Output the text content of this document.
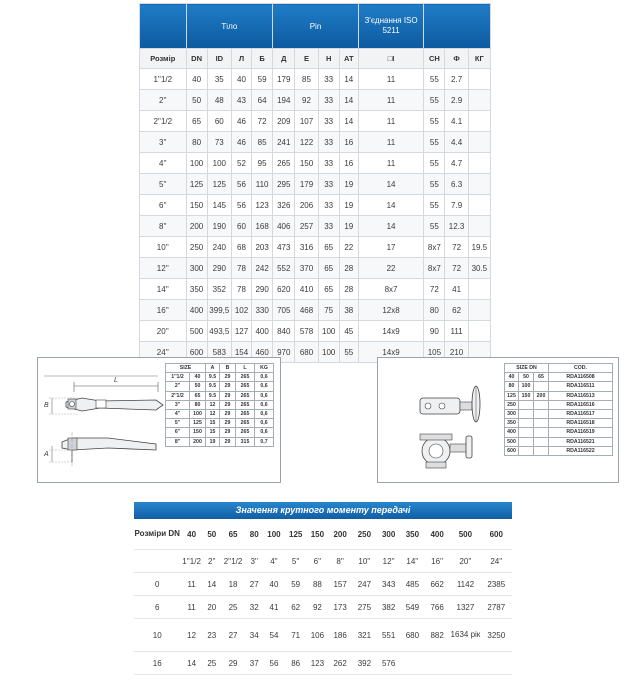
	Тіло				Рin				З'єднання ISO 5211			
Розмір	DN	ID	Л	Б	Д	Е	Н	АТ	□I	СН	Ф	КГ
1''1/2	40	35	40	59	179	85	33	14	11	55	2.7	
2''	50	48	43	64	194	92	33	14	11	55	2.9	
2''1/2	65	60	46	72	209	107	33	14	11	55	4.1	
3''	80	73	46	85	241	122	33	16	11	55	4.4	
4''	100	100	52	95	265	150	33	16	11	55	4.7	
5''	125	125	56	110	295	179	33	19	14	55	6.3	
6''	150	145	56	123	326	206	33	19	14	55	7.9	
8''	200	190	60	168	406	257	33	19	14	55	12.3	
10''	250	240	68	203	473	316	65	22	17	8x7	72	19.5
12''	300	290	78	242	552	370	65	28	22	8x7	72	30.5
14''	350	352	78	290	620	410	65	28	8x7	72	41	
16''	400	399,5	102	330	705	468	75	38	12x8	80	62	
20''	500	493,5	127	400	840	578	100	45	14x9	90	111	
24''	600	583	154	460	970	680	100	55	14x9	105	210	
L
B
A
SIZE		A	B	L	KG
1''1/2	40	9.5	29	265	0,6
2''	50	9.5	29	265	0,6
2''1/2	65	9.5	29	265	0,6
3''	80	12	29	265	0,6
4''	100	12	29	265	0,6
5''	125	15	29	265	0,6
6''	150	15	29	265	0,6
8''	200	19	29	315	0,7
SIZE DN			COD.
40	50	65	RDA116508
80	100		RDA116511
125	150	200	RDA116513
250			RDA116516
300			RDA116517
350			RDA116518
400			RDA116519
500			RDA116521
600			RDA116522
Значення крутного моменту передачі
Розміри DN	40	50	65	80	100	125	150	200	250	300	350	400	500	600
	1''1/2	2''	2''1/2	3''	4''	5''	6''	8''	10''	12''	14''	16''	20''	24''
0	11	14	18	27	40	59	88	157	247	343	485	662	1142	2385
6	11	20	25	32	41	62	92	173	275	382	549	766	1327	2787
10	12	23	27	34	54	71	106	186	321	551	680	882	1634 рік	3250
16	14	25	29	37	56	86	123	262	392	576				
